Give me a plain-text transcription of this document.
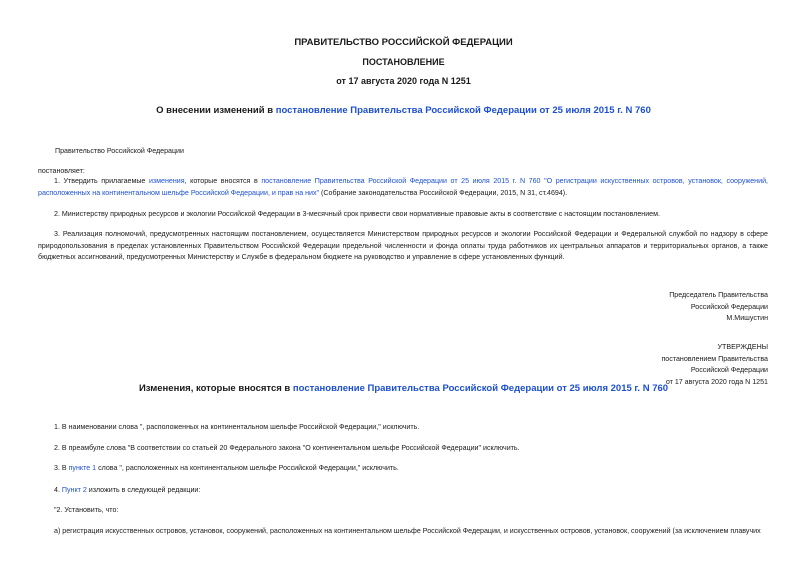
ПРАВИТЕЛЬСТВО РОССИЙСКОЙ ФЕДЕРАЦИИ
ПОСТАНОВЛЕНИЕ
от 17 августа 2020 года N 1251
О внесении изменений в постановление Правительства Российской Федерации от 25 июля 2015 г. N 760
Правительство Российской Федерации
постановляет:
1. Утвердить прилагаемые изменения, которые вносятся в постановление Правительства Российской Федерации от 25 июля 2015 г. N 760 "О регистрации искусственных островов, установок, сооружений, расположенных на континентальном шельфе Российской Федерации, и прав на них" (Собрание законодательства Российской Федерации, 2015, N 31, ст.4694).
2. Министерству природных ресурсов и экологии Российской Федерации в 3-месячный срок привести свои нормативные правовые акты в соответствие с настоящим постановлением.
3. Реализация полномочий, предусмотренных настоящим постановлением, осуществляется Министерством природных ресурсов и экологии Российской Федерации и Федеральной службой по надзору в сфере природопользования в пределах установленных Правительством Российской Федерации предельной численности и фонда оплаты труда работников их центральных аппаратов и территориальных органов, а также бюджетных ассигнований, предусмотренных Министерству и Службе в федеральном бюджете на руководство и управление в сфере установленных функций.
Председатель Правительства
Российской Федерации
М.Мишустин
УТВЕРЖДЕНЫ
постановлением Правительства
Российской Федерации
от 17 августа 2020 года N 1251
Изменения, которые вносятся в постановление Правительства Российской Федерации от 25 июля 2015 г. N 760
1. В наименовании слова ", расположенных на континентальном шельфе Российской Федерации," исключить.
2. В преамбуле слова "В соответствии со статьей 20 Федерального закона "О континентальном шельфе Российской Федерации" исключить.
3. В пункте 1 слова ", расположенных на континентальном шельфе Российской Федерации," исключить.
4. Пункт 2 изложить в следующей редакции:
"2. Установить, что:
а) регистрация искусственных островов, установок, сооружений, расположенных на континентальном шельфе Российской Федерации, и искусственных островов, установок, сооружений (за исключением плавучих
